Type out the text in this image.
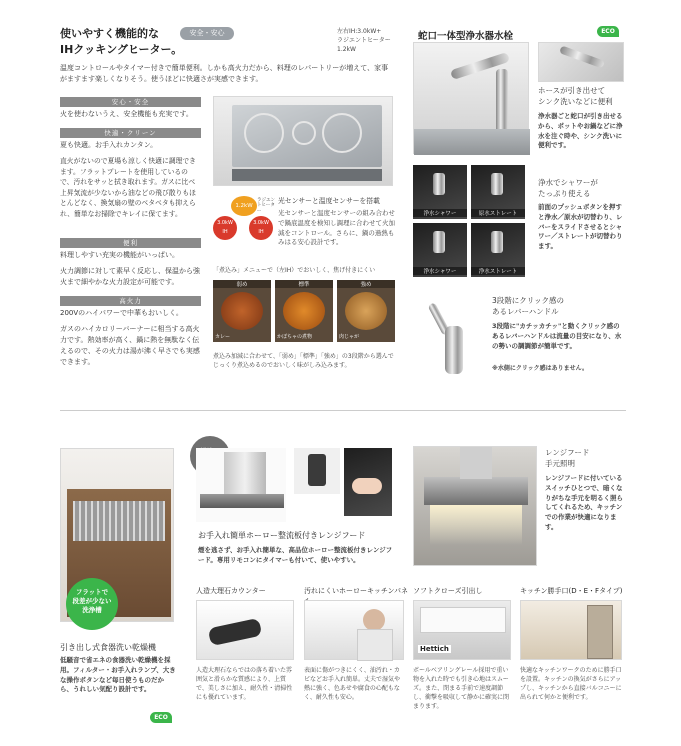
使いやすく機能的な
IHクッキングヒーター。
安全・安心	左右IH:3.0kW+
ラジエントヒーター
1.2kW
温度コントロールやタイマー付きで簡単便利。しかも高火力だから、料理のレパートリーが増えて、家事がますます楽しくなりそう。使うほどに快適さが実感できます。
安心・安全
火を使わないうえ、安全機能も充実です。
快適・クリーン
夏も快適。お手入れカンタン。
直火がないので夏場も涼しく快適に調理できます。フラットプレートを使用しているので、汚れをサッと拭き取れます。ガスに比べ上昇気流が少ないから油などの飛び散りもほとんどなく、換気扇の壁のベタベタも抑えられ、簡単なお掃除でキレイに保てます。
便利
料理しやすい充実の機能がいっぱい。
火力調節に対して素早く反応し、保温から強火まで細やかな火力設定が可能です。
高火力
200Vのハイパワーで中華もおいしく。
ガスのハイカロリーバーナーに相当する高火力です。熱効率が高く、鍋に熱を無駄なく伝えるので、その火力は湯が沸く早さでも実感できます。
1.2kW
ラジエントヒーター
3.0kW
IH
3.0kW
IH
光センサーと温度センサーを搭載
光センサーと温度センサーの組み合わせで鍋底温度を検知し調理に合わせて火加減をコントロール。さらに、鍋の過熱もみはる安心設計です。
「煮込み」メニューで（左IH）でおいしく、焦げ付きにくい
弱め
カレー
標準
かぼちゃの煮物
強め
肉じゃが
煮込み加減に合わせて、「弱め」「標準」「強め」の3段階から選んでじっくり煮込めるのでおいしく味がしみ込みます。
蛇口一体型浄水器水栓	ECO
ホースが引き出せて
シンク洗いなどに便利
浄水器ごと蛇口が引き出せるから、ポットやお鍋などに浄水を注ぐ時や、シンク洗いに便利です。
浄水シャワー	原水ストレート
浄水シャワー	浄水ストレート
浄水でシャワーが
たっぷり使える
前面のプッシュボタンを押すと浄水／原水が切替わり、レバーをスライドさせるとシャワー／ストレートが切替わります。
3段階にクリック感の
あるレバーハンドル
3段階に"カチッカチッ"と動くクリック感のあるレバーハンドルは流量の目安になり、水の勢いの調調節が簡単です。
※水側にクリック感はありません。
フラットで
段差が少ない
洗浄槽
引き出し式食器洗い乾燥機
低騒音で省エネの食器洗い乾燥機を採用。フィルター・お手入れランプ、大きな操作ボタンなど毎日使うものだから、うれしい気配り設計です。
ECO
お手入れ簡単ホーロー整流板付きレンジフード
煙を逃さず、お手入れ簡単な、高品位ホーロー整流板付きレンジフード。専用リモコンにタイマーも付いて、使いやすい。
レンジフード
手元照明
レンジフードに付いているスイッチひとつで、暗くなりがちな手元を明るく照らしてくれるため、キッチンでの作業が快適になります。
人造大理石カウンター
人造大理石ならではの落ち着いた雰囲気と滑らかな質感により、上質で、美しさに加え、耐久性・清掃性にも優れています。
汚れにくいホーローキッチンパネ
表面に傷がつきにくく、油汚れ・カビなどお手入れ簡単。丈夫で湿気や熱に強く、色あせや腐食の心配もなく、耐久性も安心。
ソフトクローズ引出し
Hettich
ボールベアリングレール採用で重い物を入れた時でも引き心地はスムーズ。また、閉まる手前で速度調節し、衝撃を吸収して静かに確実に閉まります。
キッチン勝手口(D・E・Fタイプ)
快適なキッチンワークのために勝手口を設置。キッチンの換気がさらにアップし、キッチンから直接バルコニーに出られて何かと便利です。
